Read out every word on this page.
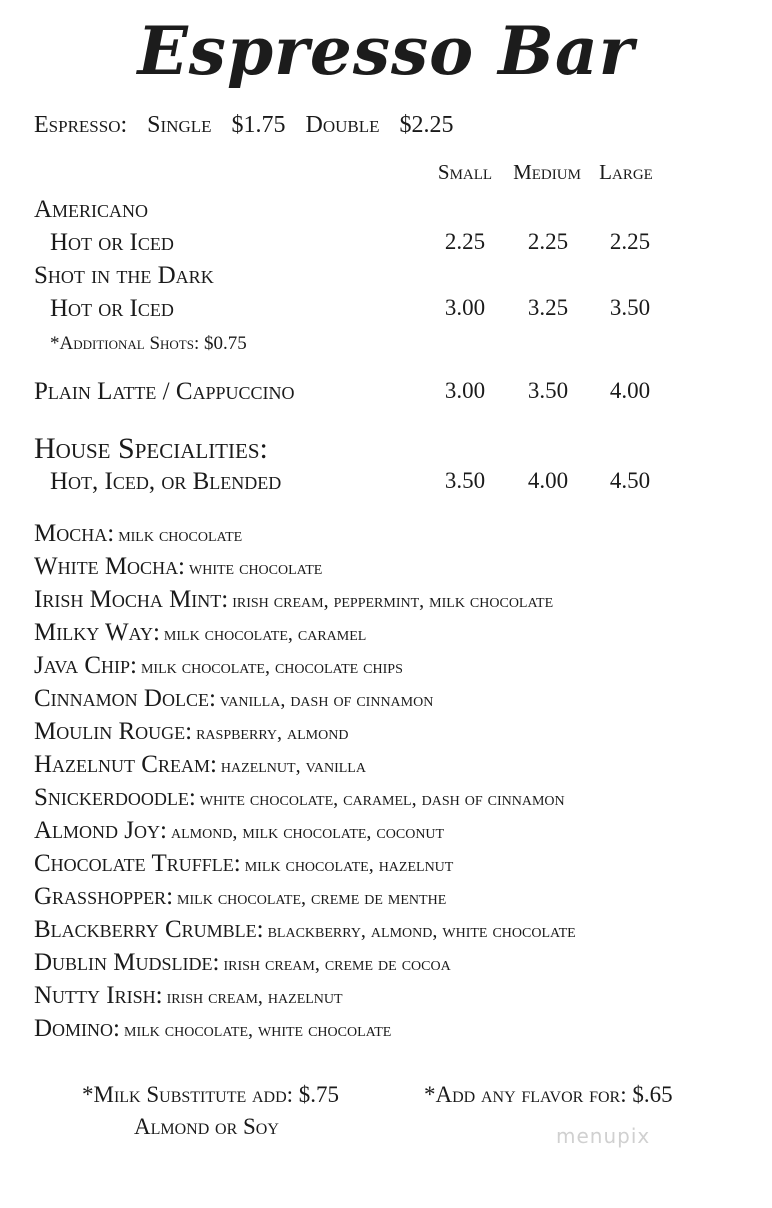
Espresso Bar
Espresso: Single $1.75 Double $2.25
Small Medium Large
Americano
Hot or Iced	2.25	2.25	2.25
Shot in the Dark
Hot or Iced	3.00	3.25	3.50
*Additional Shots: $0.75
Plain Latte / Cappuccino	3.00	3.50	4.00
House Specialities:
Hot, Iced, or Blended	3.50	4.00	4.50
Mocha: milk chocolate
White Mocha: white chocolate
Irish Mocha Mint: irish cream, peppermint, milk chocolate
Milky Way: milk chocolate, caramel
Java Chip: milk chocolate, chocolate chips
Cinnamon Dolce: vanilla, dash of cinnamon
Moulin Rouge: raspberry, almond
Hazelnut Cream: hazelnut, vanilla
Snickerdoodle: white chocolate, caramel, dash of cinnamon
Almond Joy: almond, milk chocolate, coconut
Chocolate Truffle: milk chocolate, hazelnut
Grasshopper: milk chocolate, creme de menthe
Blackberry Crumble: blackberry, almond, white chocolate
Dublin Mudslide: irish cream, creme de cocoa
Nutty Irish: irish cream, hazelnut
Domino: milk chocolate, white chocolate
*Milk Substitute add: $.75
Almond or Soy
*Add any flavor for: $.65
menupix
